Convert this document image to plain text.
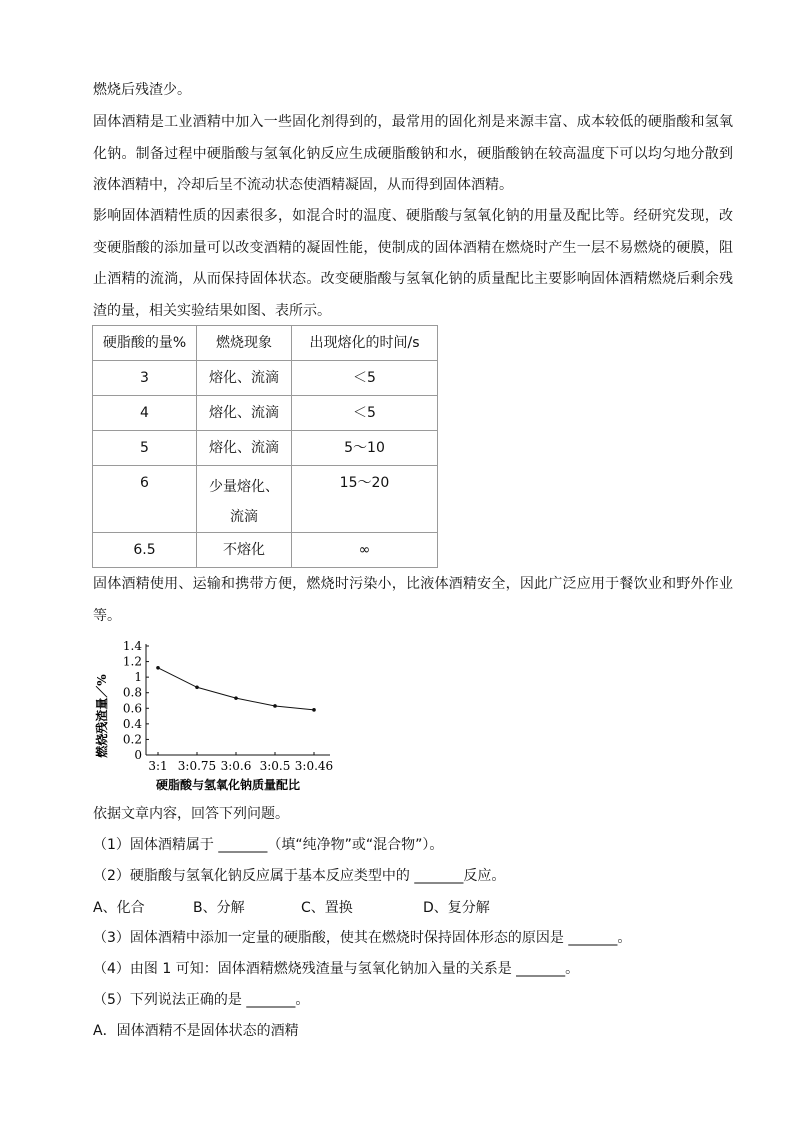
燃烧后残渣少。
固体酒精是工业酒精中加入一些固化剂得到的，最常用的固化剂是来源丰富、成本较低的硬脂酸和氢氧化钠。制备过程中硬脂酸与氢氧化钠反应生成硬脂酸钠和水，硬脂酸钠在较高温度下可以均匀地分散到液体酒精中，冷却后呈不流动状态使酒精凝固，从而得到固体酒精。
影响固体酒精性质的因素很多，如混合时的温度、硬脂酸与氢氧化钠的用量及配比等。经研究发现，改变硬脂酸的添加量可以改变酒精的凝固性能，使制成的固体酒精在燃烧时产生一层不易燃烧的硬膜，阻止酒精的流淌，从而保持固体状态。改变硬脂酸与氢氧化钠的质量配比主要影响固体酒精燃烧后剩余残渣的量，相关实验结果如图、表所示。
硬脂酸的量%	燃烧现象	出现熔化的时间/s
3	熔化、流滴	＜5
4	熔化、流滴	＜5
5	熔化、流滴	5～10
6	少量熔化、流滴	15～20
6.5	不熔化	∞
固体酒精使用、运输和携带方便，燃烧时污染小，比液体酒精安全，因此广泛应用于餐饮业和野外作业等。
0
0.2
0.4
0.6
0.8
1
1.2
1.4
3:1 3:0.75 3:0.6 3:0.5 3:0.46
燃烧残渣量／%
硬脂酸与氢氧化钠质量配比
依据文章内容，回答下列问题。
（1）固体酒精属于 _______（填“纯净物”或“混合物”）。
（2）硬脂酸与氢氧化钠反应属于基本反应类型中的 _______反应。
A、化合	B、分解	C、置换	D、复分解
（3）固体酒精中添加一定量的硬脂酸，使其在燃烧时保持固体形态的原因是 _______。
（4）由图 1 可知：固体酒精燃烧残渣量与氢氧化钠加入量的关系是 _______。
（5）下列说法正确的是 _______。
A．固体酒精不是固体状态的酒精
